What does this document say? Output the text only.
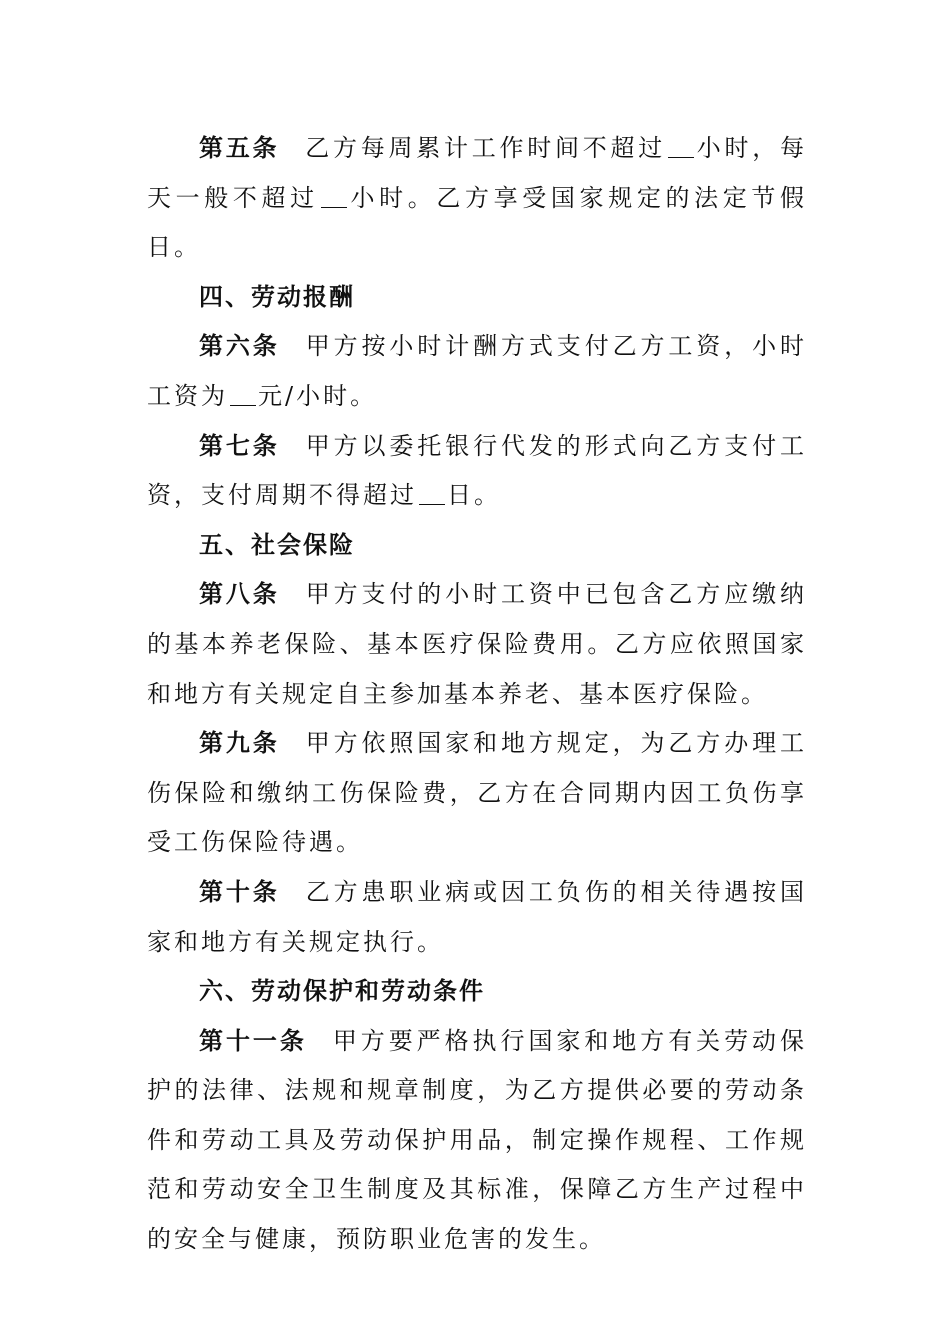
第五条 乙方每周累计工作时间不超过 小时，每天一般不超过 小时。乙方享受国家规定的法定节假日。

四、劳动报酬

第六条 甲方按小时计酬方式支付乙方工资，小时工资为 元/小时。

第七条 甲方以委托银行代发的形式向乙方支付工资，支付周期不得超过 日。

五、社会保险

第八条 甲方支付的小时工资中已包含乙方应缴纳的基本养老保险、基本医疗保险费用。乙方应依照国家和地方有关规定自主参加基本养老、基本医疗保险。

第九条 甲方依照国家和地方规定，为乙方办理工伤保险和缴纳工伤保险费，乙方在合同期内因工负伤享受工伤保险待遇。

第十条 乙方患职业病或因工负伤的相关待遇按国家和地方有关规定执行。

六、劳动保护和劳动条件

第十一条 甲方要严格执行国家和地方有关劳动保护的法律、法规和规章制度，为乙方提供必要的劳动条件和劳动工具及劳动保护用品，制定操作规程、工作规范和劳动安全卫生制度及其标准，保障乙方生产过程中的安全与健康，预防职业危害的发生。
